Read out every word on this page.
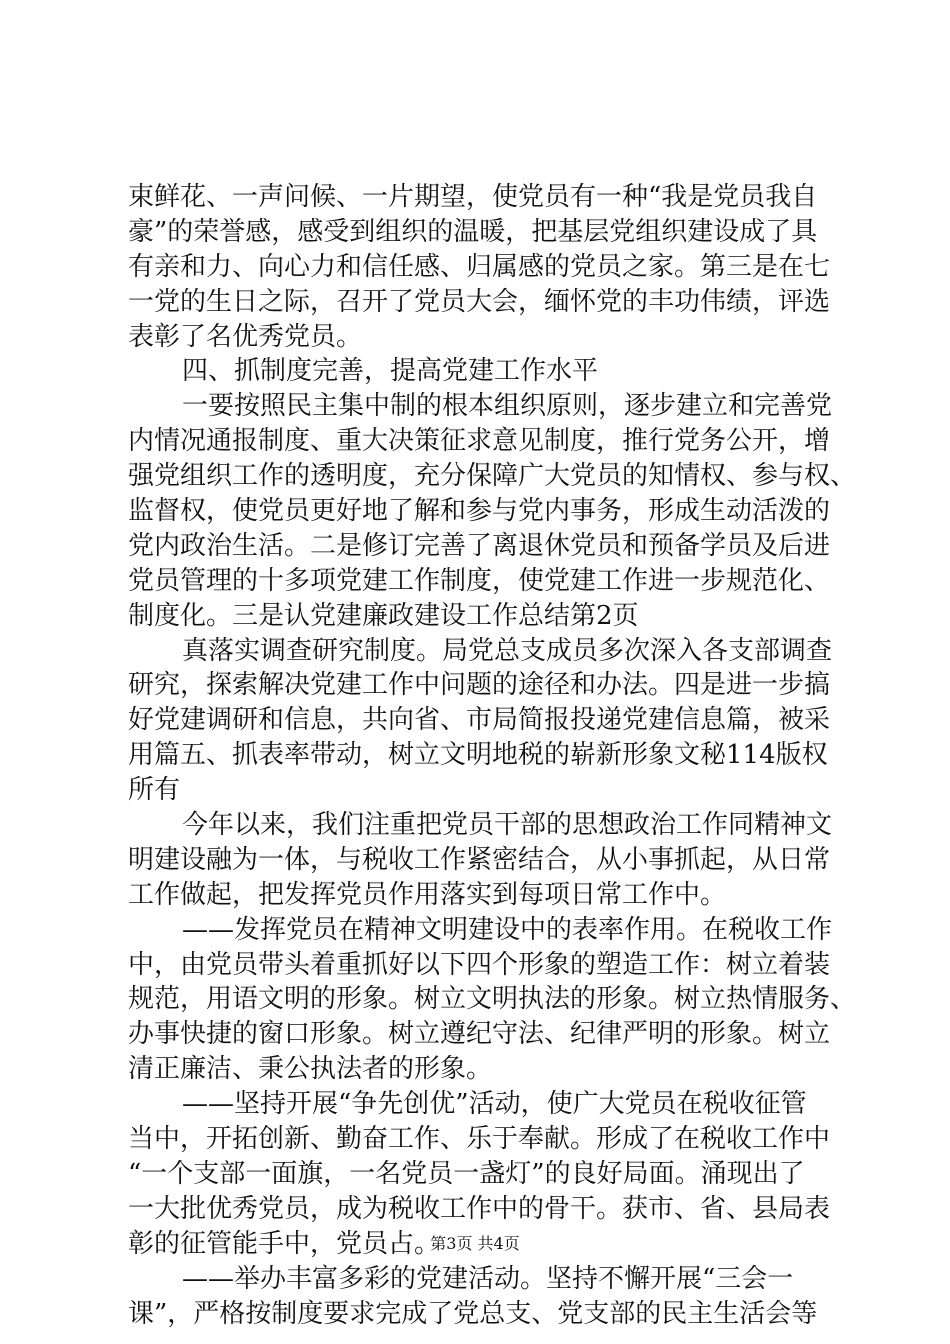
束鲜花、一声问候、一片期望，使党员有一种“我是党员我自
豪”的荣誉感，感受到组织的温暖，把基层党组织建设成了具
有亲和力、向心力和信任感、归属感的党员之家。第三是在七
一党的生日之际，召开了党员大会，缅怀党的丰功伟绩，评选
表彰了名优秀党员。
四、抓制度完善，提高党建工作水平
一要按照民主集中制的根本组织原则，逐步建立和完善党
内情况通报制度、重大决策征求意见制度，推行党务公开，增
强党组织工作的透明度，充分保障广大党员的知情权、参与权、
监督权，使党员更好地了解和参与党内事务，形成生动活泼的
党内政治生活。二是修订完善了离退休党员和预备学员及后进
党员管理的十多项党建工作制度，使党建工作进一步规范化、
制度化。三是认党建廉政建设工作总结第2页
真落实调查研究制度。局党总支成员多次深入各支部调查
研究，探索解决党建工作中问题的途径和办法。四是进一步搞
好党建调研和信息，共向省、市局简报投递党建信息篇，被采
用篇五、抓表率带动，树立文明地税的崭新形象文秘114版权
所有
今年以来，我们注重把党员干部的思想政治工作同精神文
明建设融为一体，与税收工作紧密结合，从小事抓起，从日常
工作做起，把发挥党员作用落实到每项日常工作中。
——发挥党员在精神文明建设中的表率作用。在税收工作
中，由党员带头着重抓好以下四个形象的塑造工作：树立着装
规范，用语文明的形象。树立文明执法的形象。树立热情服务、
办事快捷的窗口形象。树立遵纪守法、纪律严明的形象。树立
清正廉洁、秉公执法者的形象。
——坚持开展“争先创优”活动，使广大党员在税收征管
当中，开拓创新、勤奋工作、乐于奉献。形成了在税收工作中
“一个支部一面旗，一名党员一盏灯”的良好局面。涌现出了
一大批优秀党员，成为税收工作中的骨干。获市、省、县局表
彰的征管能手中，党员占。
——举办丰富多彩的党建活动。坚持不懈开展“三会一
课”，严格按制度要求完成了党总支、党支部的民主生活会等
第3页 共4页
